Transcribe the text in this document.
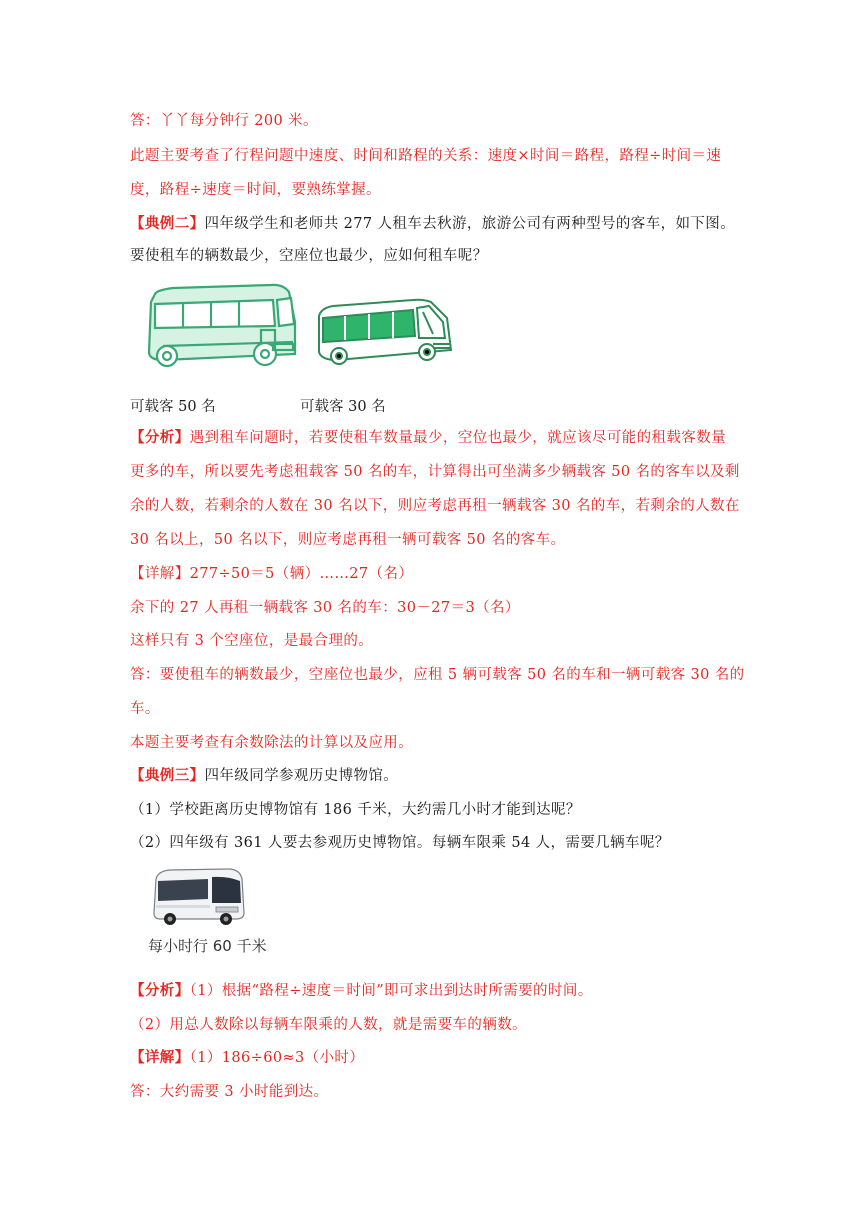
答：丫丫每分钟行 200 米。
此题主要考查了行程问题中速度、时间和路程的关系：速度×时间＝路程，路程÷时间＝速
度，路程÷速度＝时间，要熟练掌握。
【典例二】四年级学生和老师共 277 人租车去秋游，旅游公司有两种型号的客车，如下图。
要使租车的辆数最少，空座位也最少，应如何租车呢？
可载客 50 名	可载客 30 名
【分析】遇到租车问题时，若要使租车数量最少，空位也最少，就应该尽可能的租载客数量
更多的车，所以要先考虑租载客 50 名的车，计算得出可坐满多少辆载客 50 名的客车以及剩
余的人数，若剩余的人数在 30 名以下，则应考虑再租一辆载客 30 名的车，若剩余的人数在
30 名以上，50 名以下，则应考虑再租一辆可载客 50 名的客车。
【详解】277÷50＝5（辆）……27（名）
余下的 27 人再租一辆载客 30 名的车：30－27＝3（名）
这样只有 3 个空座位，是最合理的。
答：要使租车的辆数最少，空座位也最少，应租 5 辆可载客 50 名的车和一辆可载客 30 名的
车。
本题主要考查有余数除法的计算以及应用。
【典例三】四年级同学参观历史博物馆。
（1）学校距离历史博物馆有 186 千米，大约需几小时才能到达呢？
（2）四年级有 361 人要去参观历史博物馆。每辆车限乘 54 人，需要几辆车呢？
每小时行 60 千米
【分析】（1）根据“路程÷速度＝时间”即可求出到达时所需要的时间。
（2）用总人数除以每辆车限乘的人数，就是需要车的辆数。
【详解】（1）186÷60≈3（小时）
答：大约需要 3 小时能到达。
